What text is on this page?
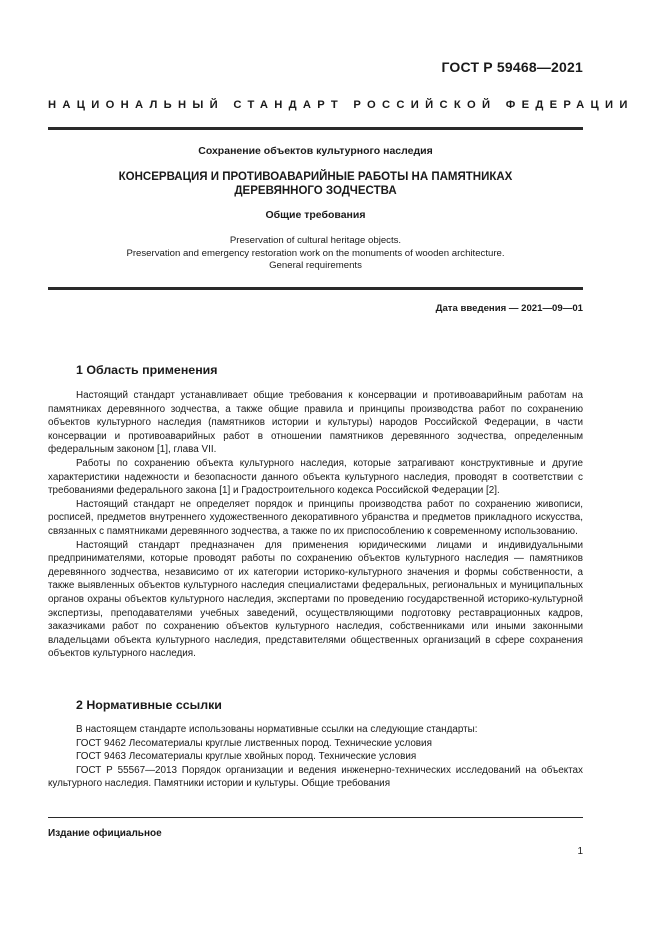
ГОСТ Р 59468—2021
НАЦИОНАЛЬНЫЙ СТАНДАРТ РОССИЙСКОЙ ФЕДЕРАЦИИ
Сохранение объектов культурного наследия
КОНСЕРВАЦИЯ И ПРОТИВОАВАРИЙНЫЕ РАБОТЫ НА ПАМЯТНИКАХ
ДЕРЕВЯННОГО ЗОДЧЕСТВА
Общие требования
Preservation of cultural heritage objects.
Preservation and emergency restoration work on the monuments of wooden architecture.
General requirements
Дата введения — 2021—09—01
1 Область применения

Настоящий стандарт устанавливает общие требования к консервации и противоаварийным работам на памятниках деревянного зодчества, а также общие правила и принципы производства работ по сохранению объектов культурного наследия (памятников истории и культуры) народов Российской Федерации, в части консервации и противоаварийных работ в отношении памятников деревянного зодчества, определенным федеральным законом [1], глава VII.

Работы по сохранению объекта культурного наследия, которые затрагивают конструктивные и другие характеристики надежности и безопасности данного объекта культурного наследия, проводят в соответствии с требованиями федерального закона [1] и Градостроительного кодекса Российской Федерации [2].

Настоящий стандарт не определяет порядок и принципы производства работ по сохранению живописи, росписей, предметов внутреннего художественного декоративного убранства и предметов прикладного искусства, связанных с памятниками деревянного зодчества, а также по их приспособлению к современному использованию.

Настоящий стандарт предназначен для применения юридическими лицами и индивидуальными предпринимателями, которые проводят работы по сохранению объектов культурного наследия — памятников деревянного зодчества, независимо от их категории историко-культурного значения и формы собственности, а также выявленных объектов культурного наследия специалистами федеральных, региональных и муниципальных органов охраны объектов культурного наследия, экспертами по проведению государственной историко-культурной экспертизы, преподавателями учебных заведений, осуществляющими подготовку реставрационных кадров, заказчиками работ по сохранению объектов культурного наследия, собственниками или иными законными владельцами объекта культурного наследия, представителями общественных организаций в сфере сохранения объектов культурного наследия.

2 Нормативные ссылки

В настоящем стандарте использованы нормативные ссылки на следующие стандарты:

ГОСТ 9462 Лесоматериалы круглые лиственных пород. Технические условия

ГОСТ 9463 Лесоматериалы круглые хвойных пород. Технические условия

ГОСТ Р 55567—2013 Порядок организации и ведения инженерно-технических исследований на объектах культурного наследия. Памятники истории и культуры. Общие требования

Издание официальное
1
